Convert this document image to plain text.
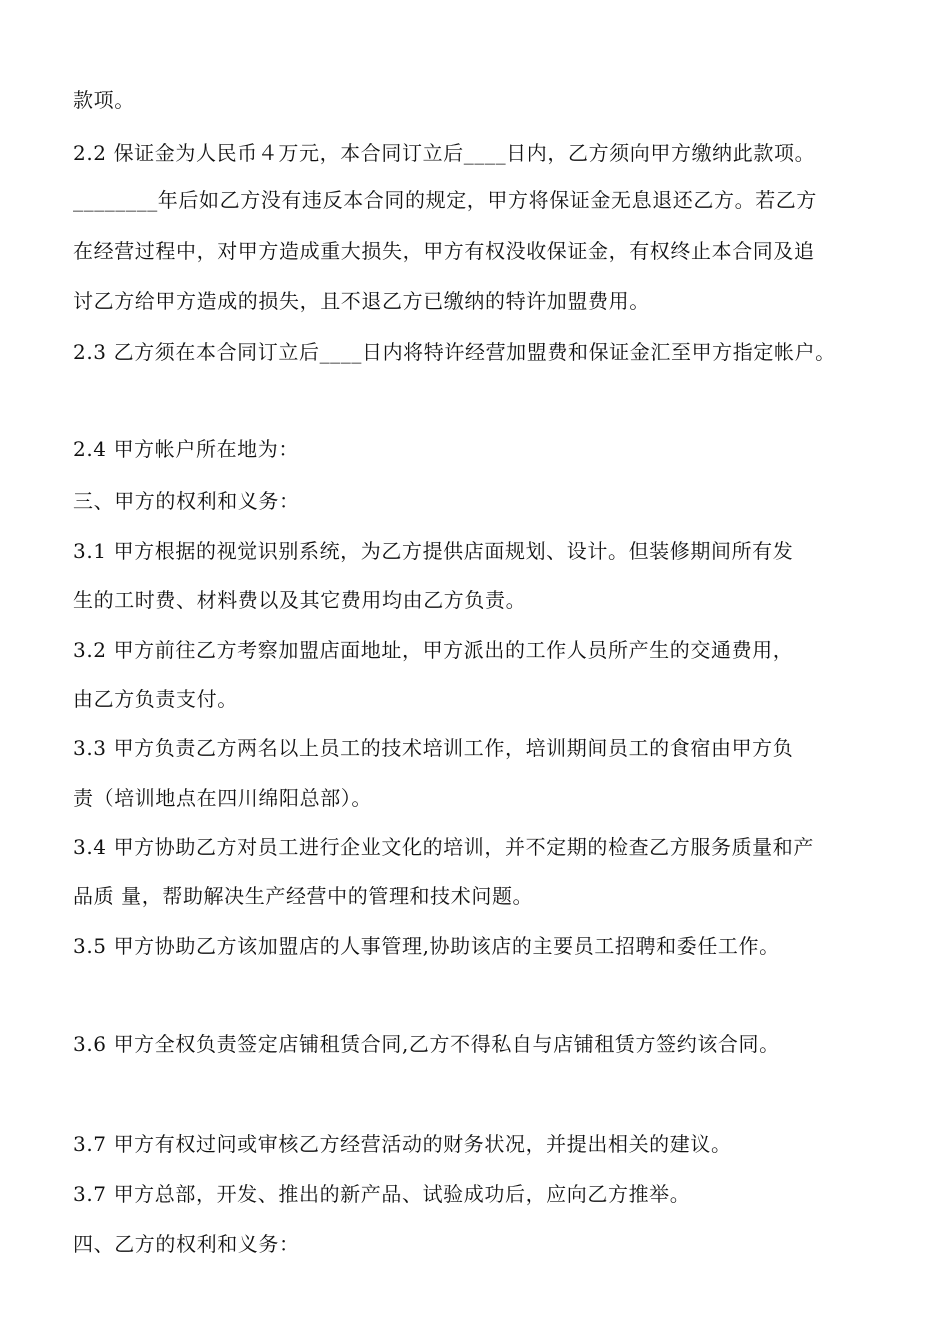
款项。
2.2 保证金为人民币４万元，本合同订立后____日内，乙方须向甲方缴纳此款项。
________年后如乙方没有违反本合同的规定，甲方将保证金无息退还乙方。若乙方
在经营过程中，对甲方造成重大损失，甲方有权没收保证金，有权终止本合同及追
讨乙方给甲方造成的损失，且不退乙方已缴纳的特许加盟费用。
2.3 乙方须在本合同订立后____日内将特许经营加盟费和保证金汇至甲方指定帐户。
2.4 甲方帐户所在地为：
三、甲方的权利和义务：
3.1 甲方根据的视觉识别系统，为乙方提供店面规划、设计。但装修期间所有发
生的工时费、材料费以及其它费用均由乙方负责。
3.2 甲方前往乙方考察加盟店面地址，甲方派出的工作人员所产生的交通费用，
由乙方负责支付。
3.3 甲方负责乙方两名以上员工的技术培训工作，培训期间员工的食宿由甲方负
责（培训地点在四川绵阳总部）。
3.4 甲方协助乙方对员工进行企业文化的培训，并不定期的检查乙方服务质量和产
品质 量，帮助解决生产经营中的管理和技术问题。
3.5 甲方协助乙方该加盟店的人事管理,协助该店的主要员工招聘和委任工作。
3.6 甲方全权负责签定店铺租赁合同,乙方不得私自与店铺租赁方签约该合同。
3.7 甲方有权过问或审核乙方经营活动的财务状况，并提出相关的建议。
3.7 甲方总部，开发、推出的新产品、试验成功后，应向乙方推举。
四、乙方的权利和义务：
